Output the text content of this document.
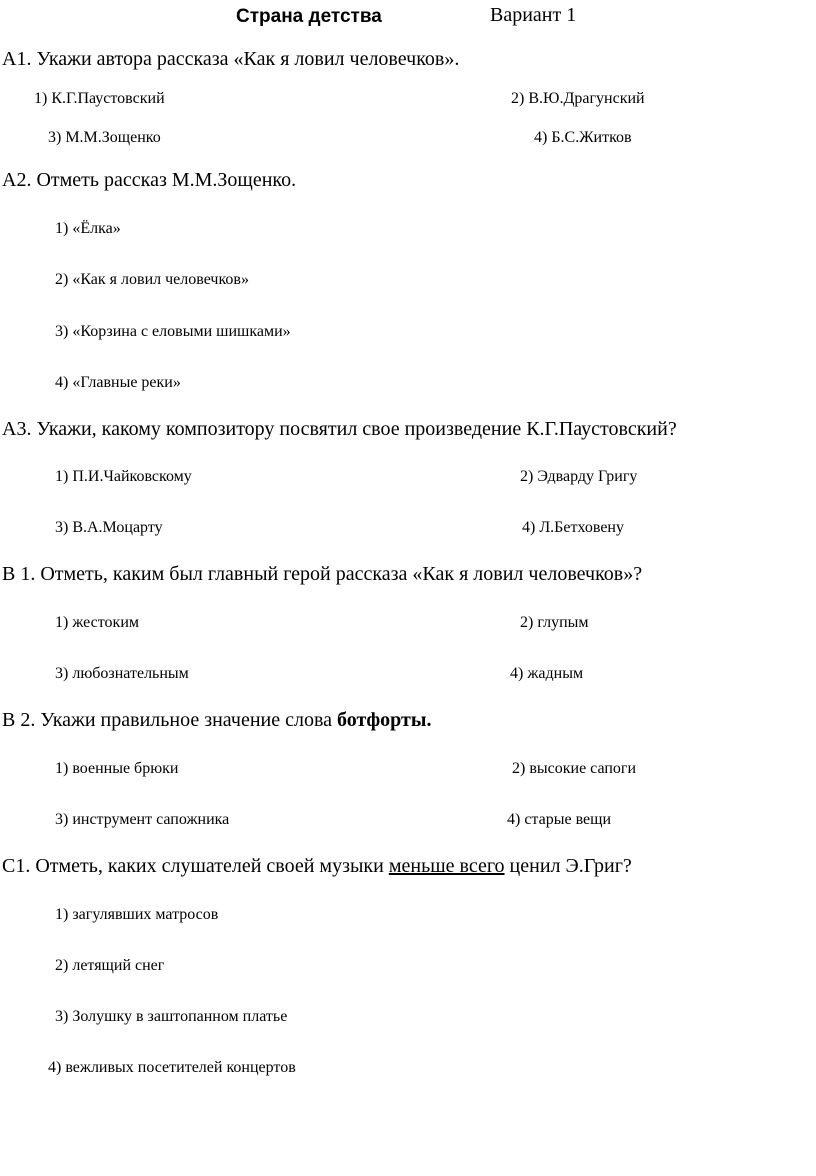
Страна детства	Вариант 1
А1. Укажи автора рассказа «Как я ловил человечков».
1) К.Г.Паустовский	2) В.Ю.Драгунский
3) М.М.Зощенко	4) Б.С.Житков
А2. Отметь рассказ М.М.Зощенко.
1) «Ёлка»
2) «Как я ловил человечков»
3) «Корзина с еловыми шишками»
4) «Главные реки»
А3. Укажи, какому композитору посвятил свое произведение К.Г.Паустовский?
1) П.И.Чайковскому	2) Эдварду Григу
3) В.А.Моцарту	4) Л.Бетховену
В 1. Отметь, каким был главный герой рассказа «Как я ловил человечков»?
1) жестоким	2) глупым
3) любознательным	4) жадным
В 2. Укажи правильное значение слова ботфорты.
1) военные брюки	2) высокие сапоги
3) инструмент сапожника	4) старые вещи
С1. Отметь, каких слушателей своей музыки меньше всего ценил Э.Григ?
1) загулявших матросов
2) летящий снег
3) Золушку в заштопанном платье
4) вежливых посетителей концертов
